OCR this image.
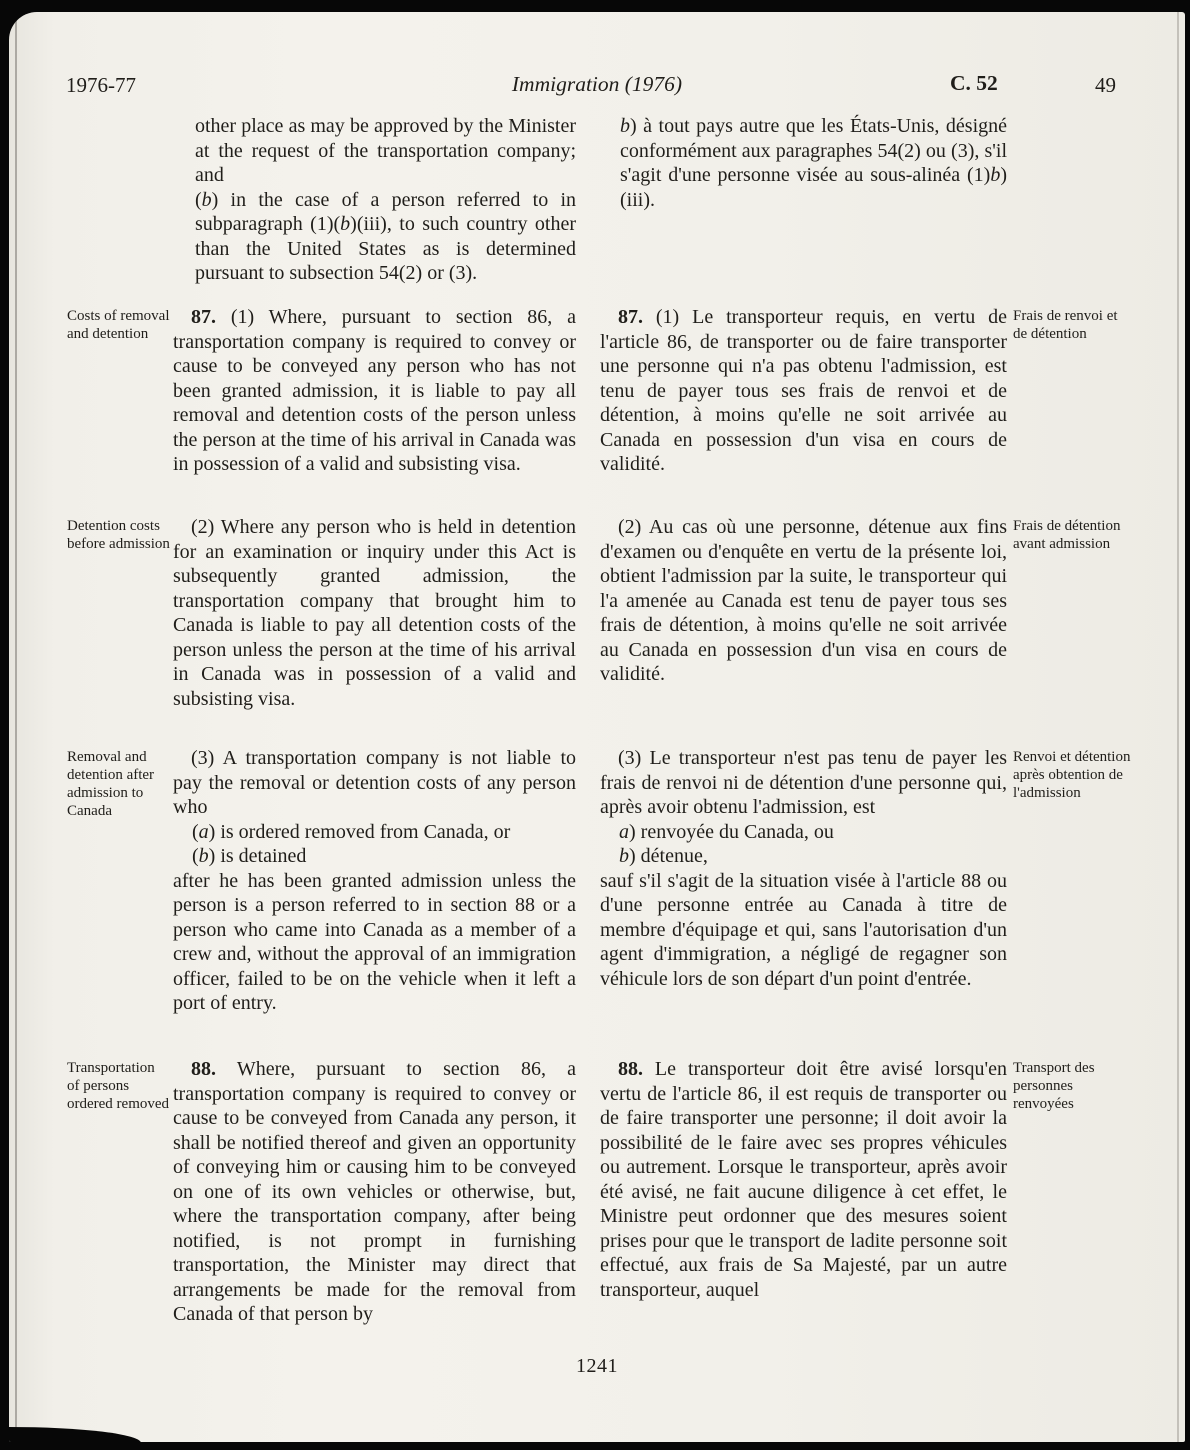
1976-77	Immigration (1976)	C. 52	49

other place as may be approved by the Minister at the request of the transportation company; and

(b) in the case of a person referred to in subparagraph (1)(b)(iii), to such country other than the United States as is determined pursuant to subsection 54(2) or (3).

b) à tout pays autre que les États-Unis, désigné conformément aux paragraphes 54(2) ou (3), s'il s'agit d'une personne visée au sous-alinéa (1)b)(iii).

Costs of removal and detention

87. (1) Where, pursuant to section 86, a transportation company is required to convey or cause to be conveyed any person who has not been granted admission, it is liable to pay all removal and detention costs of the person unless the person at the time of his arrival in Canada was in possession of a valid and subsisting visa.

87. (1) Le transporteur requis, en vertu de l'article 86, de transporter ou de faire transporter une personne qui n'a pas obtenu l'admission, est tenu de payer tous ses frais de renvoi et de détention, à moins qu'elle ne soit arrivée au Canada en possession d'un visa en cours de validité.

Frais de renvoi et de détention
Detention costs before admission

(2) Where any person who is held in detention for an examination or inquiry under this Act is subsequently granted admission, the transportation company that brought him to Canada is liable to pay all detention costs of the person unless the person at the time of his arrival in Canada was in possession of a valid and subsisting visa.

(2) Au cas où une personne, détenue aux fins d'examen ou d'enquête en vertu de la présente loi, obtient l'admission par la suite, le transporteur qui l'a amenée au Canada est tenu de payer tous ses frais de détention, à moins qu'elle ne soit arrivée au Canada en possession d'un visa en cours de validité.

Frais de détention avant admission
Removal and detention after admission to Canada

(3) A transportation company is not liable to pay the removal or detention costs of any person who

(a) is ordered removed from Canada, or

(b) is detained

after he has been granted admission unless the person is a person referred to in section 88 or a person who came into Canada as a member of a crew and, without the approval of an immigration officer, failed to be on the vehicle when it left a port of entry.

(3) Le transporteur n'est pas tenu de payer les frais de renvoi ni de détention d'une personne qui, après avoir obtenu l'admission, est

a) renvoyée du Canada, ou

b) détenue,

sauf s'il s'agit de la situation visée à l'article 88 ou d'une personne entrée au Canada à titre de membre d'équipage et qui, sans l'autorisation d'un agent d'immigration, a négligé de regagner son véhicule lors de son départ d'un point d'entrée.

Renvoi et détention après obtention de l'admission
Transportation of persons ordered removed

88. Where, pursuant to section 86, a transportation company is required to convey or cause to be conveyed from Canada any person, it shall be notified thereof and given an opportunity of conveying him or causing him to be conveyed on one of its own vehicles or otherwise, but, where the transportation company, after being notified, is not prompt in furnishing transportation, the Minister may direct that arrangements be made for the removal from Canada of that person by

88. Le transporteur doit être avisé lorsqu'en vertu de l'article 86, il est requis de transporter ou de faire transporter une personne; il doit avoir la possibilité de le faire avec ses propres véhicules ou autrement. Lorsque le transporteur, après avoir été avisé, ne fait aucune diligence à cet effet, le Ministre peut ordonner que des mesures soient prises pour que le transport de ladite personne soit effectué, aux frais de Sa Majesté, par un autre transporteur, auquel

Transport des personnes renvoyées
1241
